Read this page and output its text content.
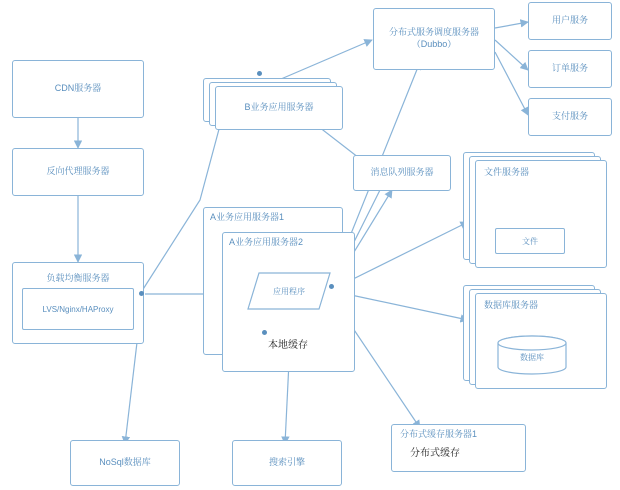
CDN服务器
反向代理服务器
负载均衡服务器
LVS/Nginx/HAProxy
B业务应用服务器
分布式服务调度服务器
（Dubbo）
用户服务
订单服务
支付服务
消息队列服务器
A业务应用服务器1
A业务应用服务器2
应用程序
本地缓存
文件服务器
文件
数据库服务器
数据库
分布式缓存服务器1
分布式缓存
NoSql数据库	搜索引擎
